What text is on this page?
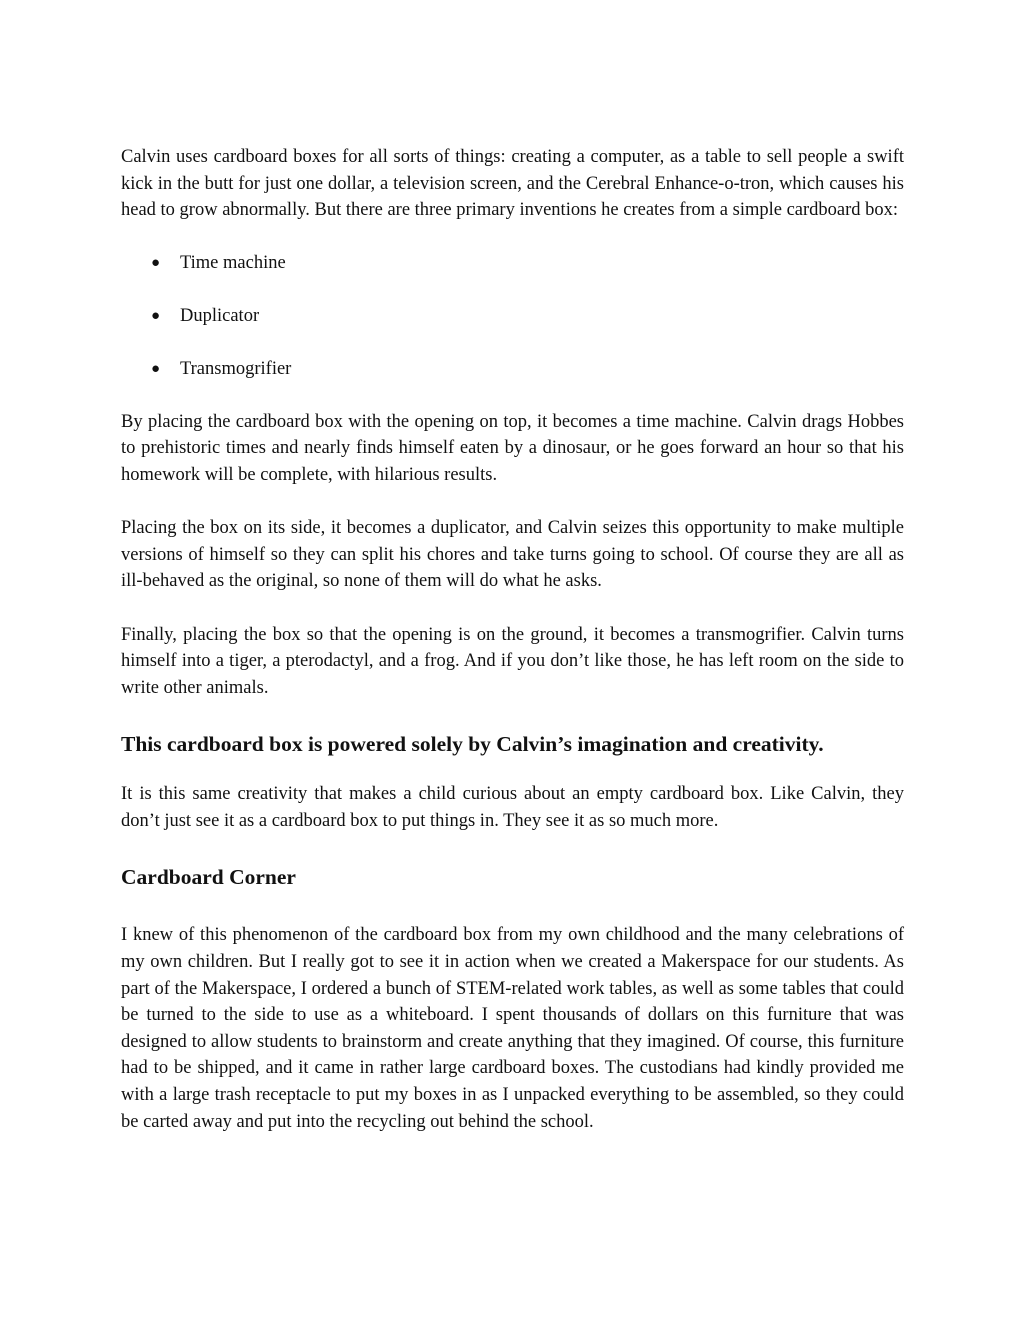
Calvin uses cardboard boxes for all sorts of things: creating a computer, as a table to sell people a swift kick in the butt for just one dollar, a television screen, and the Cerebral Enhance-o-tron, which causes his head to grow abnormally. But there are three primary inventions he creates from a simple cardboard box:

● Time machine
● Duplicator
● Transmogrifier

By placing the cardboard box with the opening on top, it becomes a time machine. Calvin drags Hobbes to prehistoric times and nearly finds himself eaten by a dinosaur, or he goes forward an hour so that his homework will be complete, with hilarious results.

Placing the box on its side, it becomes a duplicator, and Calvin seizes this opportunity to make multiple versions of himself so they can split his chores and take turns going to school. Of course they are all as ill-behaved as the original, so none of them will do what he asks.

Finally, placing the box so that the opening is on the ground, it becomes a transmogrifier. Calvin turns himself into a tiger, a pterodactyl, and a frog. And if you don’t like those, he has left room on the side to write other animals.

This cardboard box is powered solely by Calvin’s imagination and creativity.

It is this same creativity that makes a child curious about an empty cardboard box. Like Calvin, they don’t just see it as a cardboard box to put things in. They see it as so much more.

Cardboard Corner

I knew of this phenomenon of the cardboard box from my own childhood and the many celebrations of my own children. But I really got to see it in action when we created a Makerspace for our students. As part of the Makerspace, I ordered a bunch of STEM-related work tables, as well as some tables that could be turned to the side to use as a whiteboard. I spent thousands of dollars on this furniture that was designed to allow students to brainstorm and create anything that they imagined. Of course, this furniture had to be shipped, and it came in rather large cardboard boxes. The custodians had kindly provided me with a large trash receptacle to put my boxes in as I unpacked everything to be assembled, so they could be carted away and put into the recycling out behind the school.
